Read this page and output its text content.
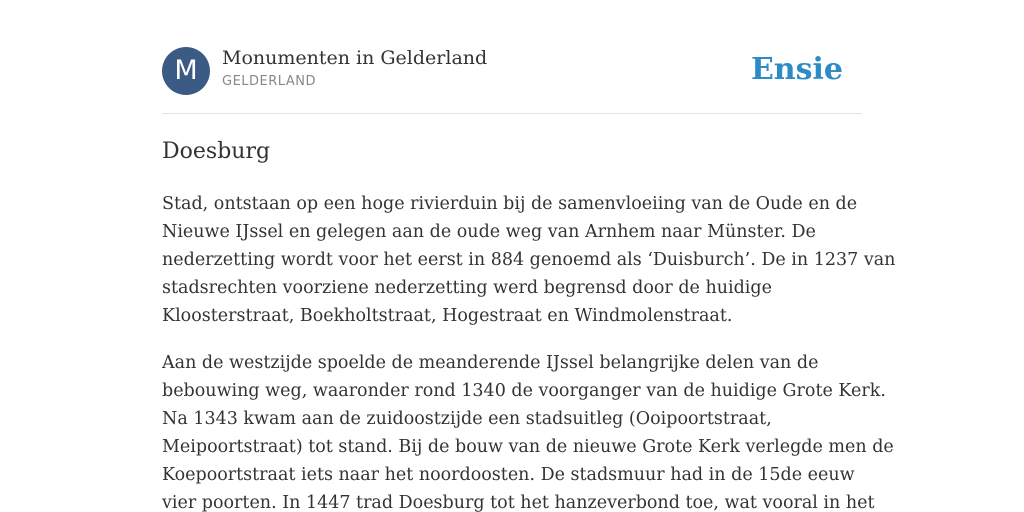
M	Monumenten in Gelderland
GELDERLAND	Ensie
Doesburg

Stad, ontstaan op een hoge rivierduin bij de samenvloeiing van de Oude en de
Nieuwe IJssel en gelegen aan de oude weg van Arnhem naar Münster. De
nederzetting wordt voor het eerst in 884 genoemd als ‘Duisburch’. De in 1237 van
stadsrechten voorziene nederzetting werd begrensd door de huidige
Kloosterstraat, Boekholtstraat, Hogestraat en Windmolenstraat.

Aan de westzijde spoelde de meanderende IJssel belangrijke delen van de
bebouwing weg, waaronder rond 1340 de voorganger van de huidige Grote Kerk.
Na 1343 kwam aan de zuidoostzijde een stadsuitleg (Ooipoortstraat,
Meipoortstraat) tot stand. Bij de bouw van de nieuwe Grote Kerk verlegde men de
Koepoortstraat iets naar het noordoosten. De stadsmuur had in de 15de eeuw
vier poorten. In 1447 trad Doesburg tot het hanzeverbond toe, wat vooral in het
